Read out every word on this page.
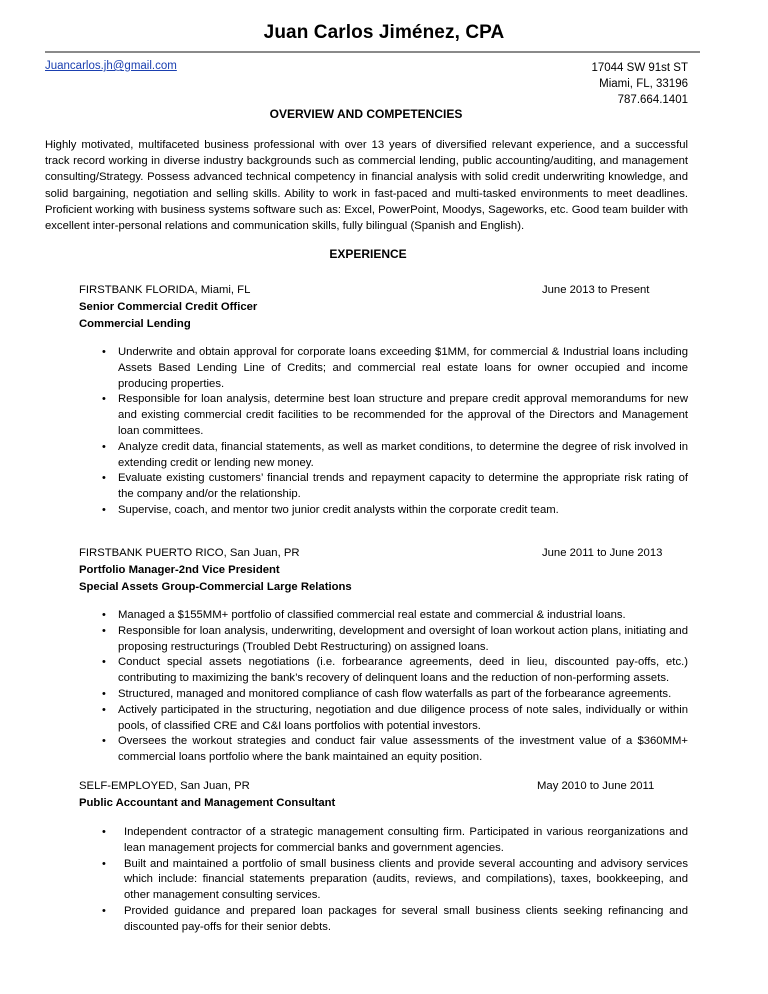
Juan Carlos Jiménez, CPA
Juancarlos.jh@gmail.com	17044 SW 91st ST
Miami, FL, 33196
787.664.1401
OVERVIEW AND COMPETENCIES
Highly motivated, multifaceted business professional with over 13 years of diversified relevant experience, and a successful track record working in diverse industry backgrounds such as commercial lending, public accounting/auditing, and management consulting/Strategy. Possess advanced technical competency in financial analysis with solid credit underwriting knowledge, and solid bargaining, negotiation and selling skills. Ability to work in fast-paced and multi-tasked environments to meet deadlines. Proficient working with business systems software such as: Excel, PowerPoint, Moodys, Sageworks, etc. Good team builder with excellent inter-personal relations and communication skills, fully bilingual (Spanish and English).
EXPERIENCE
FIRSTBANK FLORIDA, Miami, FL	June 2013 to Present
Senior Commercial Credit Officer
Commercial Lending
• Underwrite and obtain approval for corporate loans exceeding $1MM, for commercial & Industrial loans including Assets Based Lending Line of Credits; and commercial real estate loans for owner occupied and income producing properties.
• Responsible for loan analysis, determine best loan structure and prepare credit approval memorandums for new and existing commercial credit facilities to be recommended for the approval of the Directors and Management loan committees.
• Analyze credit data, financial statements, as well as market conditions, to determine the degree of risk involved in extending credit or lending new money.
• Evaluate existing customers’ financial trends and repayment capacity to determine the appropriate risk rating of the company and/or the relationship.
• Supervise, coach, and mentor two junior credit analysts within the corporate credit team.
FIRSTBANK PUERTO RICO, San Juan, PR	June 2011 to June 2013
Portfolio Manager-2nd Vice President
Special Assets Group-Commercial Large Relations
• Managed a $155MM+ portfolio of classified commercial real estate and commercial & industrial loans.
• Responsible for loan analysis, underwriting, development and oversight of loan workout action plans, initiating and proposing restructurings (Troubled Debt Restructuring) on assigned loans.
• Conduct special assets negotiations (i.e. forbearance agreements, deed in lieu, discounted pay-offs, etc.) contributing to maximizing the bank’s recovery of delinquent loans and the reduction of non-performing assets.
• Structured, managed and monitored compliance of cash flow waterfalls as part of the forbearance agreements.
• Actively participated in the structuring, negotiation and due diligence process of note sales, individually or within pools, of classified CRE and C&I loans portfolios with potential investors.
• Oversees the workout strategies and conduct fair value assessments of the investment value of a $360MM+ commercial loans portfolio where the bank maintained an equity position.
SELF-EMPLOYED, San Juan, PR	May 2010 to June 2011
Public Accountant and Management Consultant
• Independent contractor of a strategic management consulting firm. Participated in various reorganizations and lean management projects for commercial banks and government agencies.
• Built and maintained a portfolio of small business clients and provide several accounting and advisory services which include: financial statements preparation (audits, reviews, and compilations), taxes, bookkeeping, and other management consulting services.
• Provided guidance and prepared loan packages for several small business clients seeking refinancing and discounted pay-offs for their senior debts.
